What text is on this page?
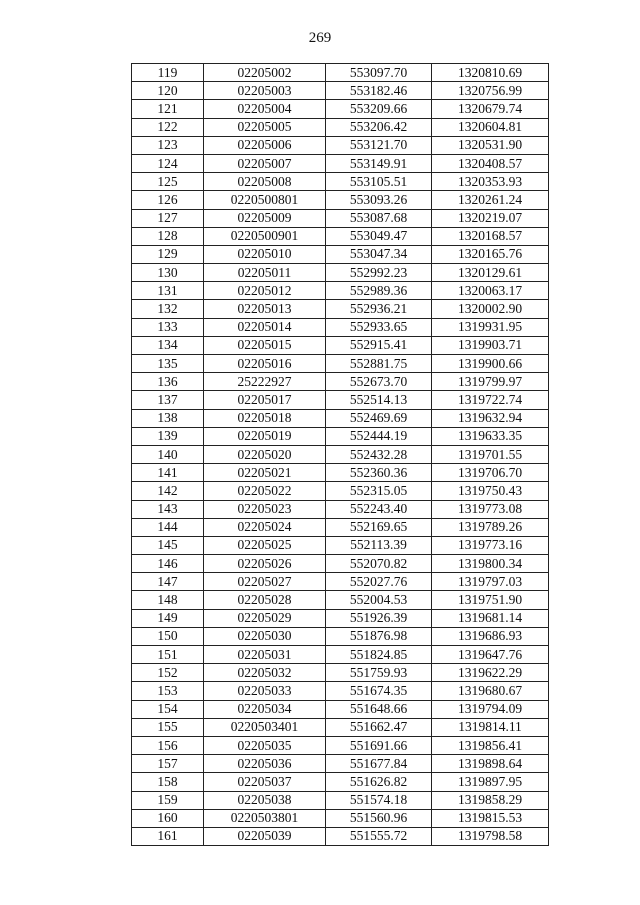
269
119	02205002	553097.70	1320810.69
120	02205003	553182.46	1320756.99
121	02205004	553209.66	1320679.74
122	02205005	553206.42	1320604.81
123	02205006	553121.70	1320531.90
124	02205007	553149.91	1320408.57
125	02205008	553105.51	1320353.93
126	0220500801	553093.26	1320261.24
127	02205009	553087.68	1320219.07
128	0220500901	553049.47	1320168.57
129	02205010	553047.34	1320165.76
130	02205011	552992.23	1320129.61
131	02205012	552989.36	1320063.17
132	02205013	552936.21	1320002.90
133	02205014	552933.65	1319931.95
134	02205015	552915.41	1319903.71
135	02205016	552881.75	1319900.66
136	25222927	552673.70	1319799.97
137	02205017	552514.13	1319722.74
138	02205018	552469.69	1319632.94
139	02205019	552444.19	1319633.35
140	02205020	552432.28	1319701.55
141	02205021	552360.36	1319706.70
142	02205022	552315.05	1319750.43
143	02205023	552243.40	1319773.08
144	02205024	552169.65	1319789.26
145	02205025	552113.39	1319773.16
146	02205026	552070.82	1319800.34
147	02205027	552027.76	1319797.03
148	02205028	552004.53	1319751.90
149	02205029	551926.39	1319681.14
150	02205030	551876.98	1319686.93
151	02205031	551824.85	1319647.76
152	02205032	551759.93	1319622.29
153	02205033	551674.35	1319680.67
154	02205034	551648.66	1319794.09
155	0220503401	551662.47	1319814.11
156	02205035	551691.66	1319856.41
157	02205036	551677.84	1319898.64
158	02205037	551626.82	1319897.95
159	02205038	551574.18	1319858.29
160	0220503801	551560.96	1319815.53
161	02205039	551555.72	1319798.58
